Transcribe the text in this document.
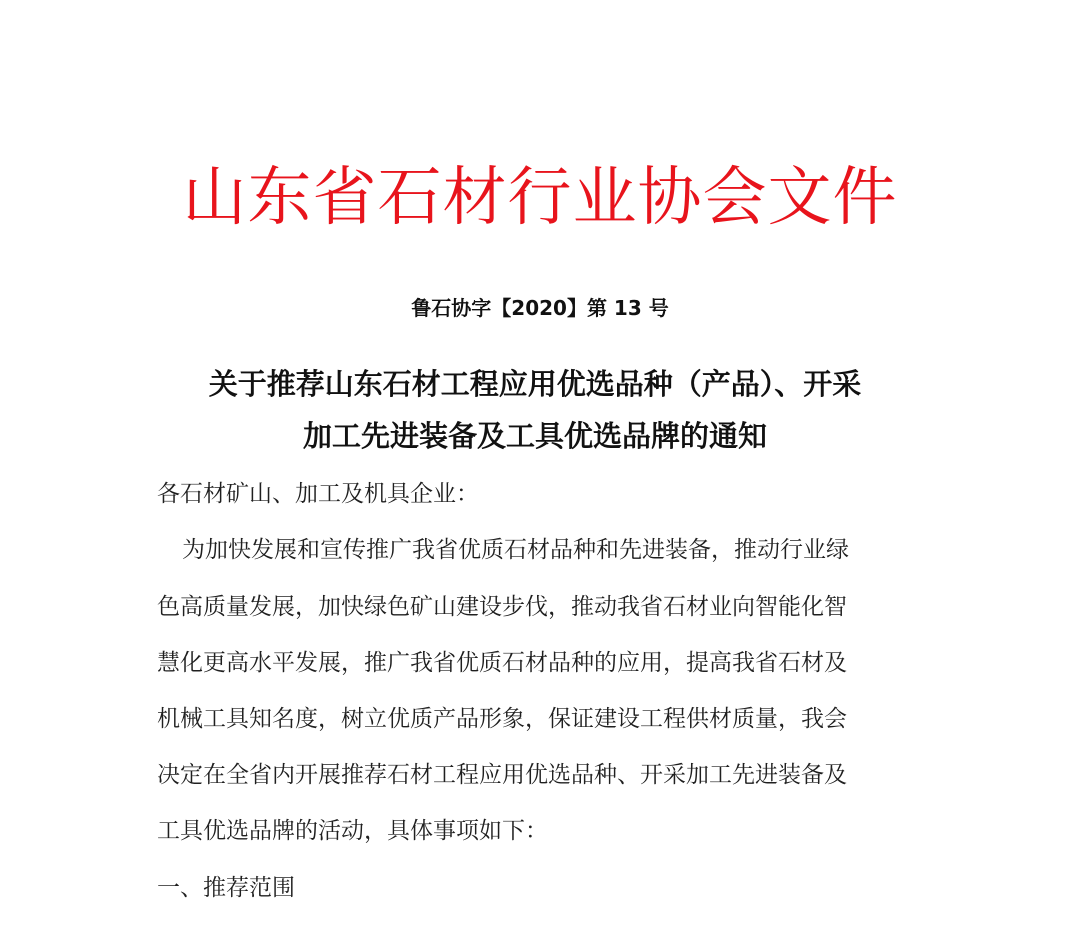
山东省石材行业协会文件
鲁石协字【2020】第 13 号
关于推荐山东石材工程应用优选品种（产品）、开采
加工先进装备及工具优选品牌的通知
各石材矿山、加工及机具企业：
为加快发展和宣传推广我省优质石材品种和先进装备，推动行业绿
色高质量发展，加快绿色矿山建设步伐，推动我省石材业向智能化智
慧化更高水平发展，推广我省优质石材品种的应用，提高我省石材及
机械工具知名度，树立优质产品形象，保证建设工程供材质量，我会
决定在全省内开展推荐石材工程应用优选品种、开采加工先进装备及
工具优选品牌的活动，具体事项如下：
一、推荐范围
